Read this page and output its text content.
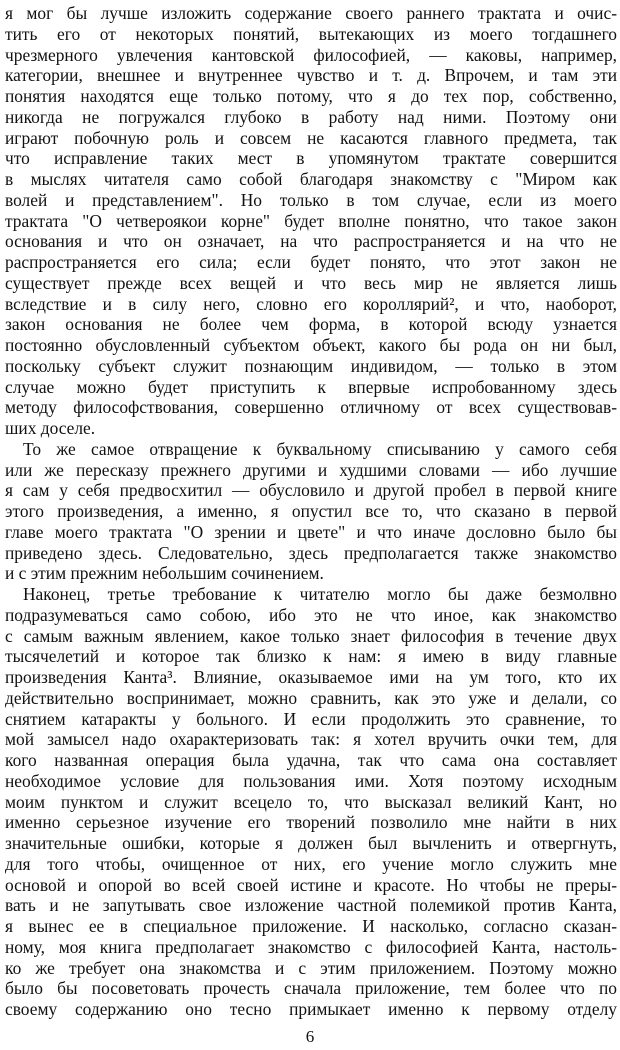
я мог бы лучше изложить содержание своего раннего трактата и очис-
тить его от некоторых понятий, вытекающих из моего тогдашнего
чрезмерного увлечения кантовской философией, — каковы, например,
категории, внешнее и внутреннее чувство и т. д. Впрочем, и там эти
понятия находятся еще только потому, что я до тех пор, собственно,
никогда не погружался глубоко в работу над ними. Поэтому они
играют побочную роль и совсем не касаются главного предмета, так
что исправление таких мест в упомянутом трактате совершится
в мыслях читателя само собой благодаря знакомству с "Миром как
волей и представлением". Но только в том случае, если из моего
трактата "О четвероякои корне" будет вполне понятно, что такое закон
основания и что он означает, на что распространяется и на что не
распространяется его сила; если будет понято, что этот закон не
существует прежде всех вещей и что весь мир не является лишь
вследствие и в силу него, словно его короллярий², и что, наоборот,
закон основания не более чем форма, в которой всюду узнается
постоянно обусловленный субъектом объект, какого бы рода он ни был,
поскольку субъект служит познающим индивидом, — только в этом
случае можно будет приступить к впервые испробованному здесь
методу философствования, совершенно отличному от всех существовав-
ших доселе.

То же самое отвращение к буквальному списыванию у самого себя
или же пересказу прежнего другими и худшими словами — ибо лучшие
я сам у себя предвосхитил — обусловило и другой пробел в первой книге
этого произведения, а именно, я опустил все то, что сказано в первой
главе моего трактата "О зрении и цвете" и что иначе дословно было бы
приведено здесь. Следовательно, здесь предполагается также знакомство
и с этим прежним небольшим сочинением.

Наконец, третье требование к читателю могло бы даже безмолвно
подразумеваться само собою, ибо это не что иное, как знакомство
с самым важным явлением, какое только знает философия в течение двух
тысячелетий и которое так близко к нам: я имею в виду главные
произведения Канта³. Влияние, оказываемое ими на ум того, кто их
действительно воспринимает, можно сравнить, как это уже и делали, со
снятием катаракты у больного. И если продолжить это сравнение, то
мой замысел надо охарактеризовать так: я хотел вручить очки тем, для
кого названная операция была удачна, так что сама она составляет
необходимое условие для пользования ими. Хотя поэтому исходным
моим пунктом и служит всецело то, что высказал великий Кант, но
именно серьезное изучение его творений позволило мне найти в них
значительные ошибки, которые я должен был вычленить и отвергнуть,
для того чтобы, очищенное от них, его учение могло служить мне
основой и опорой во всей своей истине и красоте. Но чтобы не преры-
вать и не запутывать свое изложение частной полемикой против Канта,
я вынес ее в специальное приложение. И насколько, согласно сказан-
ному, моя книга предполагает знакомство с философией Канта, настоль-
ко же требует она знакомства и с этим приложением. Поэтому можно
было бы посоветовать прочесть сначала приложение, тем более что по
своему содержанию оно тесно примыкает именно к первому отделу

6
